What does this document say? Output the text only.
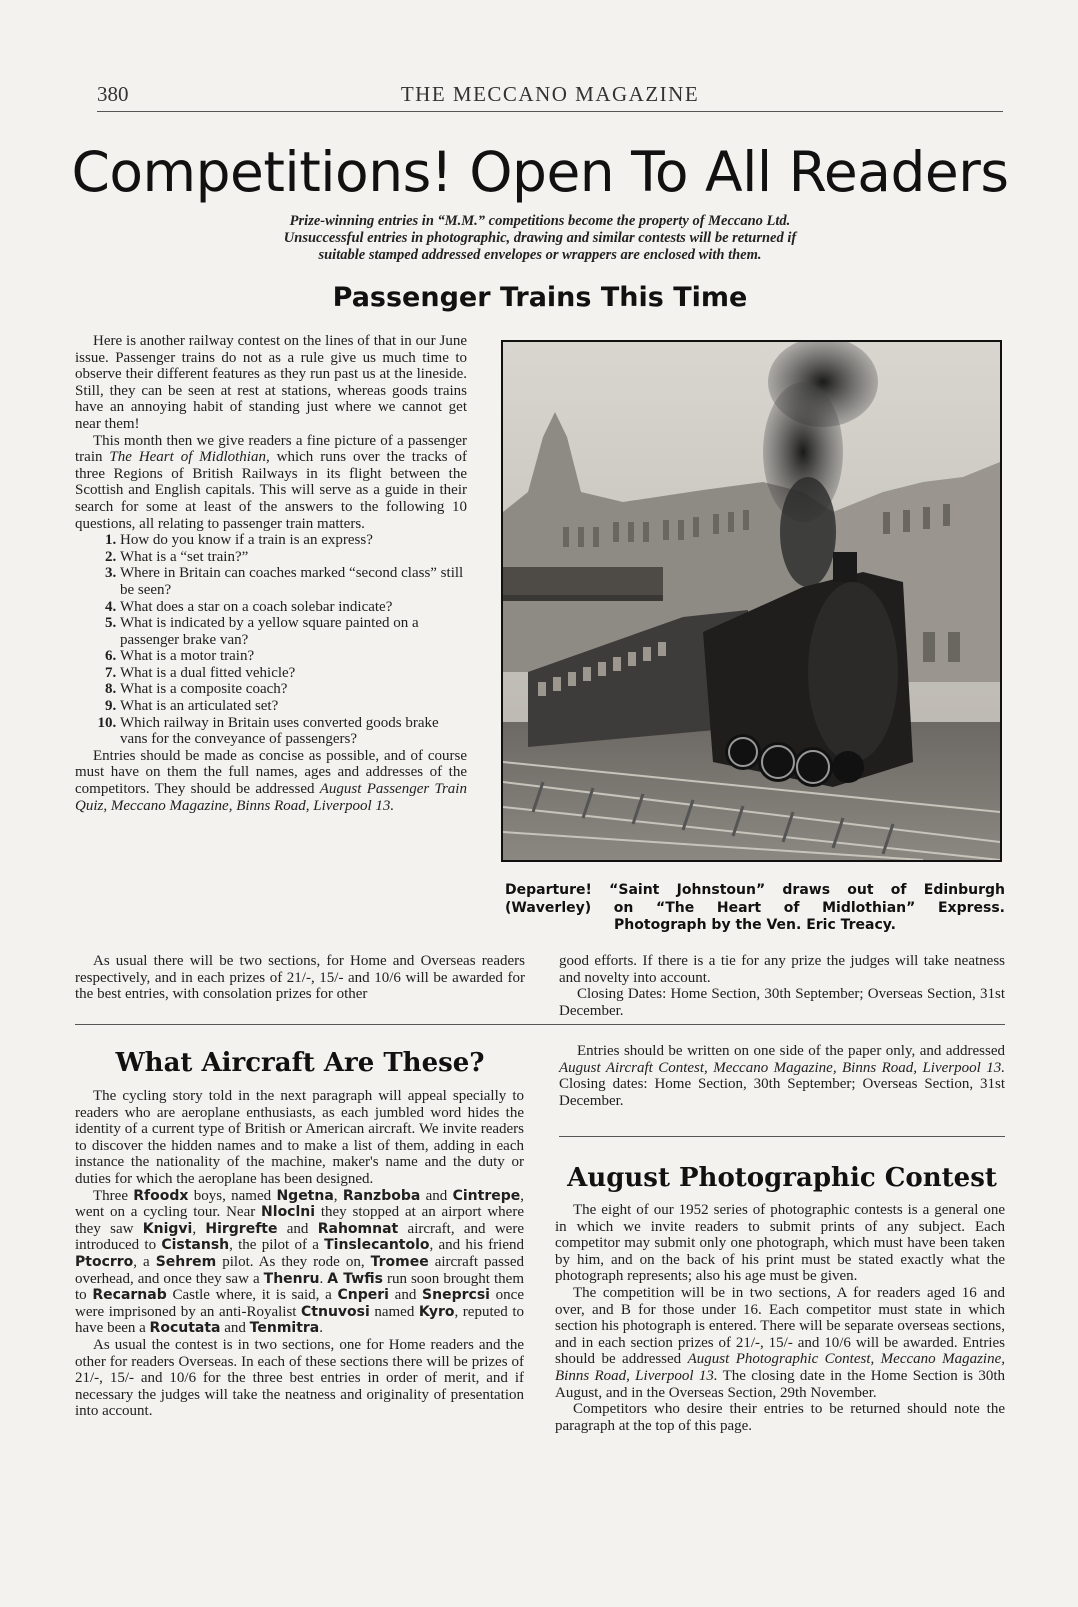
380	THE MECCANO MAGAZINE
Competitions! Open To All Readers
Prize-winning entries in “M.M.” competitions become the property of Meccano Ltd.
Unsuccessful entries in photographic, drawing and similar contests will be returned if
suitable stamped addressed envelopes or wrappers are enclosed with them.
Passenger Trains This Time

Here is another railway contest on the lines of that in our June issue. Passenger trains do not as a rule give us much time to observe their different features as they run past us at the lineside. Still, they can be seen at rest at stations, whereas goods trains have an annoying habit of standing just where we cannot get near them!

This month then we give readers a fine picture of a passenger train The Heart of Midlothian, which runs over the tracks of three Regions of British Railways in its flight between the Scottish and English capitals. This will serve as a guide in their search for some at least of the answers to the following 10 questions, all relating to passenger train matters.

1. How do you know if a train is an express?
2. What is a “set train?”
3. Where in Britain can coaches marked “second class” still be seen?
4. What does a star on a coach solebar indicate?
5. What is indicated by a yellow square painted on a passenger brake van?
6. What is a motor train?
7. What is a dual fitted vehicle?
8. What is a composite coach?
9. What is an articulated set?
10. Which railway in Britain uses converted goods brake vans for the conveyance of passengers?

Entries should be made as concise as possible, and of course must have on them the full names, ages and addresses of the competitors. They should be addressed August Passenger Train Quiz, Meccano Magazine, Binns Road, Liverpool 13.

As usual there will be two sections, for Home and Overseas readers respectively, and in each prizes of 21/-, 15/- and 10/6 will be awarded for the best entries, with consolation prizes for other

good efforts. If there is a tie for any prize the judges will take neatness and novelty into account.

Closing Dates: Home Section, 30th September; Overseas Section, 31st December.

Departure! “Saint Johnstoun” draws out of Edinburgh
(Waverley) on “The Heart of Midlothian” Express.
Photograph by the Ven. Eric Treacy.
What Aircraft Are These?

The cycling story told in the next paragraph will appeal specially to readers who are aeroplane enthusiasts, as each jumbled word hides the identity of a current type of British or American aircraft. We invite readers to discover the hidden names and to make a list of them, adding in each instance the nationality of the machine, maker's name and the duty or duties for which the aeroplane has been designed.

Three Rfoodx boys, named Ngetna, Ranzboba and Cintrepe, went on a cycling tour. Near Nloclni they stopped at an airport where they saw Knigvi, Hirgrefte and Rahomnat aircraft, and were introduced to Cistansh, the pilot of a Tinslecantolo, and his friend Ptocrro, a Sehrem pilot. As they rode on, Tromee aircraft passed overhead, and once they saw a Thenru. A Twfis run soon brought them to Recarnab Castle where, it is said, a Cnperi and Sneprcsi once were imprisoned by an anti-Royalist Ctnuvosi named Kyro, reputed to have been a Rocutata and Tenmitra.

As usual the contest is in two sections, one for Home readers and the other for readers Overseas. In each of these sections there will be prizes of 21/-, 15/- and 10/6 for the three best entries in order of merit, and if necessary the judges will take the neatness and originality of presentation into account.

Entries should be written on one side of the paper only, and addressed August Aircraft Contest, Meccano Magazine, Binns Road, Liverpool 13. Closing dates: Home Section, 30th September; Overseas Section, 31st December.

August Photographic Contest

The eight of our 1952 series of photographic contests is a general one in which we invite readers to submit prints of any subject. Each competitor may submit only one photograph, which must have been taken by him, and on the back of his print must be stated exactly what the photograph represents; also his age must be given.

The competition will be in two sections, A for readers aged 16 and over, and B for those under 16. Each competitor must state in which section his photograph is entered. There will be separate overseas sections, and in each section prizes of 21/-, 15/- and 10/6 will be awarded. Entries should be addressed August Photographic Contest, Meccano Magazine, Binns Road, Liverpool 13. The closing date in the Home Section is 30th August, and in the Overseas Section, 29th November.

Competitors who desire their entries to be returned should note the paragraph at the top of this page.
